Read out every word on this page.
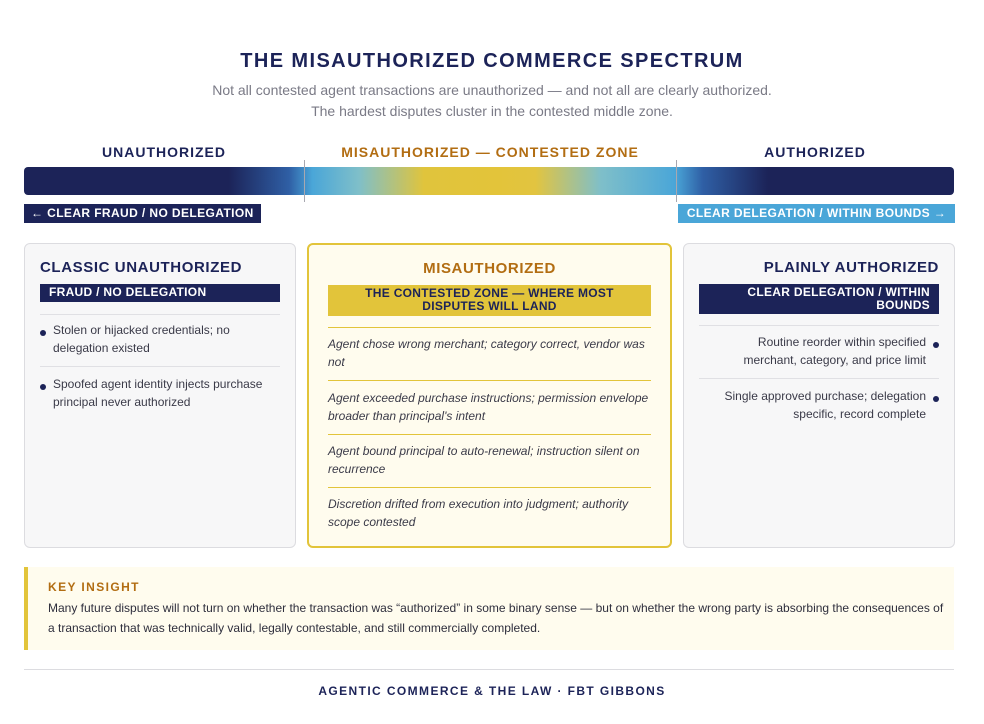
THE MISAUTHORIZED COMMERCE SPECTRUM
Not all contested agent transactions are unauthorized — and not all are clearly authorized.
The hardest disputes cluster in the contested middle zone.
UNAUTHORIZED	MISAUTHORIZED — CONTESTED ZONE	AUTHORIZED
← CLEAR FRAUD / NO DELEGATION	CLEAR DELEGATION / WITHIN BOUNDS →
CLASSIC UNAUTHORIZED
FRAUD / NO DELEGATION
Stolen or hijacked credentials; no delegation existed
Spoofed agent identity injects purchase principal never authorized
MISAUTHORIZED
THE CONTESTED ZONE — WHERE MOST DISPUTES WILL LAND
Agent chose wrong merchant; category correct, vendor was not
Agent exceeded purchase instructions; permission envelope broader than principal's intent
Agent bound principal to auto-renewal; instruction silent on recurrence
Discretion drifted from execution into judgment; authority scope contested
PLAINLY AUTHORIZED
CLEAR DELEGATION / WITHIN BOUNDS
Routine reorder within specified merchant, category, and price limit
Single approved purchase; delegation specific, record complete
KEY INSIGHT
Many future disputes will not turn on whether the transaction was “authorized” in some binary sense — but on whether the wrong party is absorbing the consequences of a transaction that was technically valid, legally contestable, and still commercially completed.
AGENTIC COMMERCE & THE LAW · FBT GIBBONS
